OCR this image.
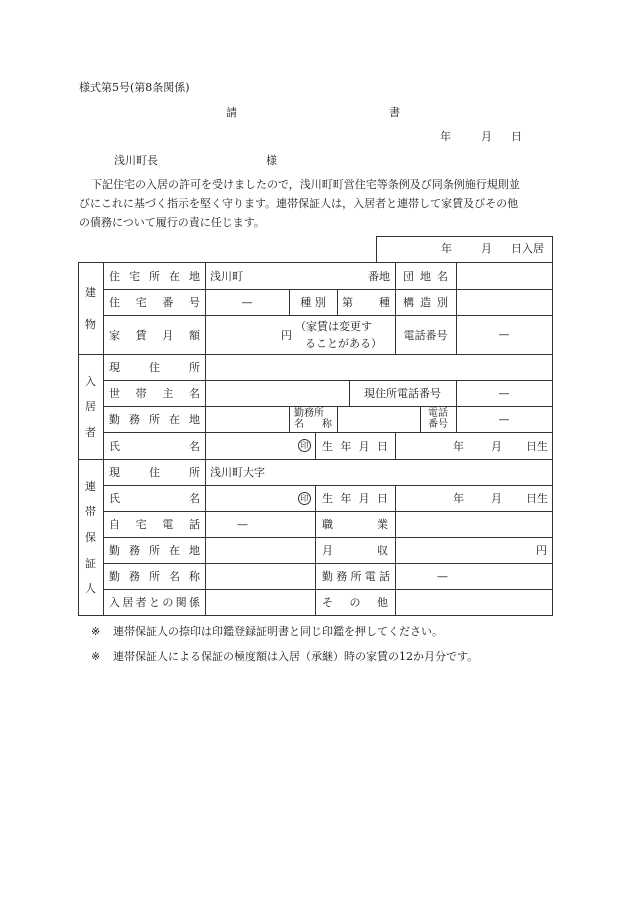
様式第5号(第8条関係)
請	書
年	月 日
浅川町長	様
下記住宅の入居の許可を受けましたので，浅川町町営住宅等条例及び同条例施行規則並
びにこれに基づく指示を堅く守ります。連帯保証人は，入居者と連帯して家賃及びその他
の債務について履行の責に任じます。
年	月 日入居
建
物
住 宅 所 在 地 浅川町	番地 団 地 名
住 宅 番 号	—	種 別	第 種 構 造 別
家 賃 月 額	円
（家賃は変更す
ることがある）
電話番号	—
入
居
者
現	住	所
世 帯 主 名	現住所電話番号	—
勤 務 所 在 地	勤務所
名 称
電話
番号	—
氏	名	印 生 年 月 日	年 月 日生
連
帯
保
証
人
現	住	所 浅川町大字
氏	名	印 生 年 月 日	年 月 日生
自 宅 電 話	—	職	業
勤 務 所 在 地	月	収	円
勤 務 所 名 称	勤 務 所 電 話	—
入 居 者 と の 関 係	そ の 他
※ 連帯保証人の捺印は印鑑登録証明書と同じ印鑑を押してください。
※ 連帯保証人による保証の極度額は入居（承継）時の家賃の12か月分です。
